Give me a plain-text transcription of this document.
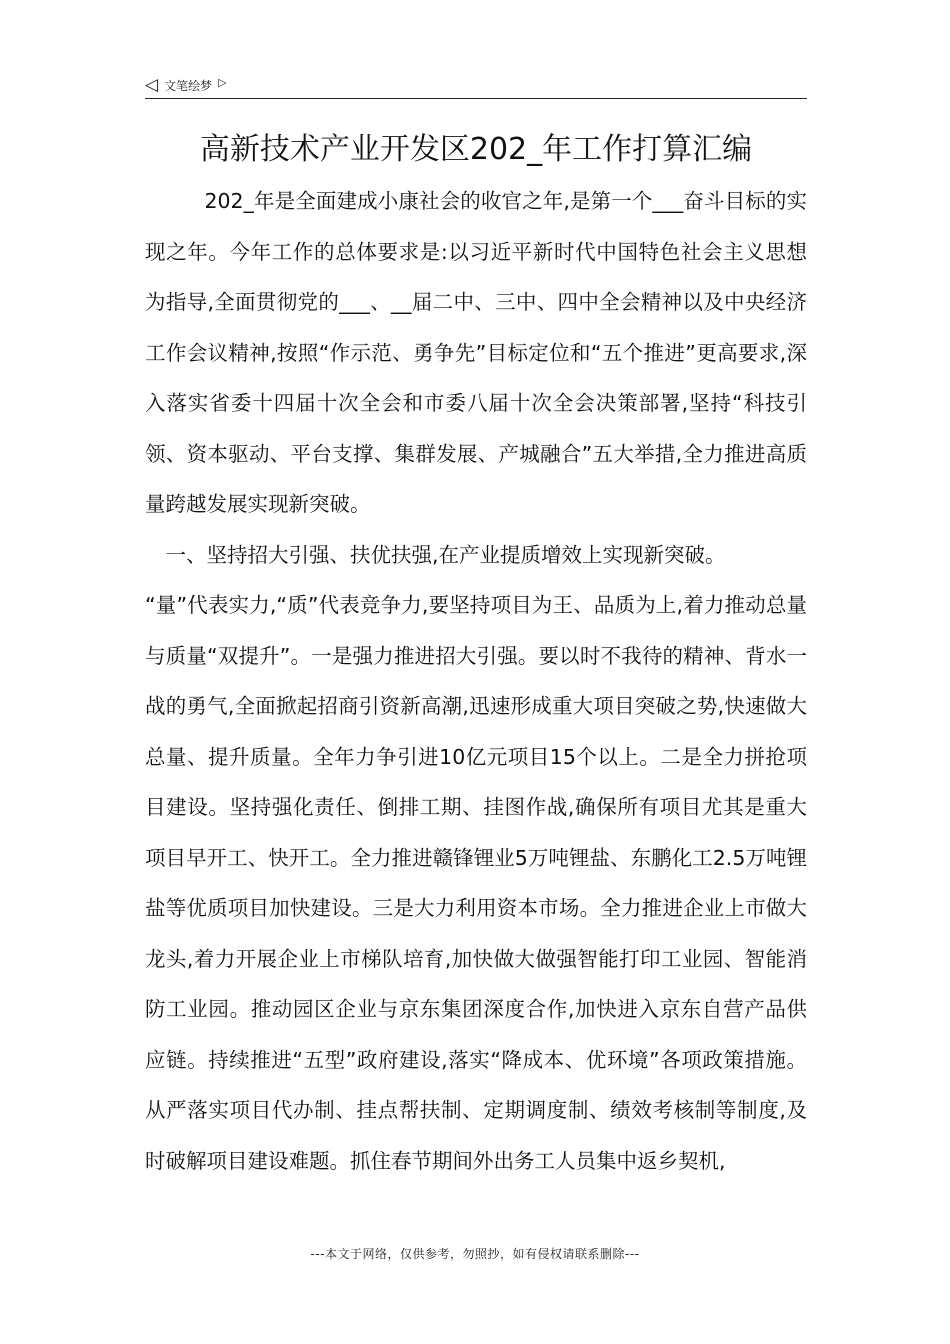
◁ 文笔绘梦 ▷
高新技术产业开发区202_年工作打算汇编

202_年是全面建成小康社会的收官之年,是第一个___奋斗目标的实现之年。今年工作的总体要求是:以习近平新时代中国特色社会主义思想为指导,全面贯彻党的___、__届二中、三中、四中全会精神以及中央经济工作会议精神,按照“作示范、勇争先”目标定位和“五个推进”更高要求,深入落实省委十四届十次全会和市委八届十次全会决策部署,坚持“科技引领、资本驱动、平台支撑、集群发展、产城融合”五大举措,全力推进高质量跨越发展实现新突破。

一、坚持招大引强、扶优扶强,在产业提质增效上实现新突破。

“量”代表实力,“质”代表竞争力,要坚持项目为王、品质为上,着力推动总量与质量“双提升”。一是强力推进招大引强。要以时不我待的精神、背水一战的勇气,全面掀起招商引资新高潮,迅速形成重大项目突破之势,快速做大总量、提升质量。全年力争引进10亿元项目15个以上。二是全力拼抢项目建设。坚持强化责任、倒排工期、挂图作战,确保所有项目尤其是重大项目早开工、快开工。全力推进赣锋锂业5万吨锂盐、东鹏化工2.5万吨锂盐等优质项目加快建设。三是大力利用资本市场。全力推进企业上市做大龙头,着力开展企业上市梯队培育,加快做大做强智能打印工业园、智能消防工业园。推动园区企业与京东集团深度合作,加快进入京东自营产品供应链。持续推进“五型”政府建设,落实“降成本、优环境”各项政策措施。从严落实项目代办制、挂点帮扶制、定期调度制、绩效考核制等制度,及时破解项目建设难题。抓住春节期间外出务工人员集中返乡契机,

---本文于网络，仅供参考，勿照抄，如有侵权请联系删除---
